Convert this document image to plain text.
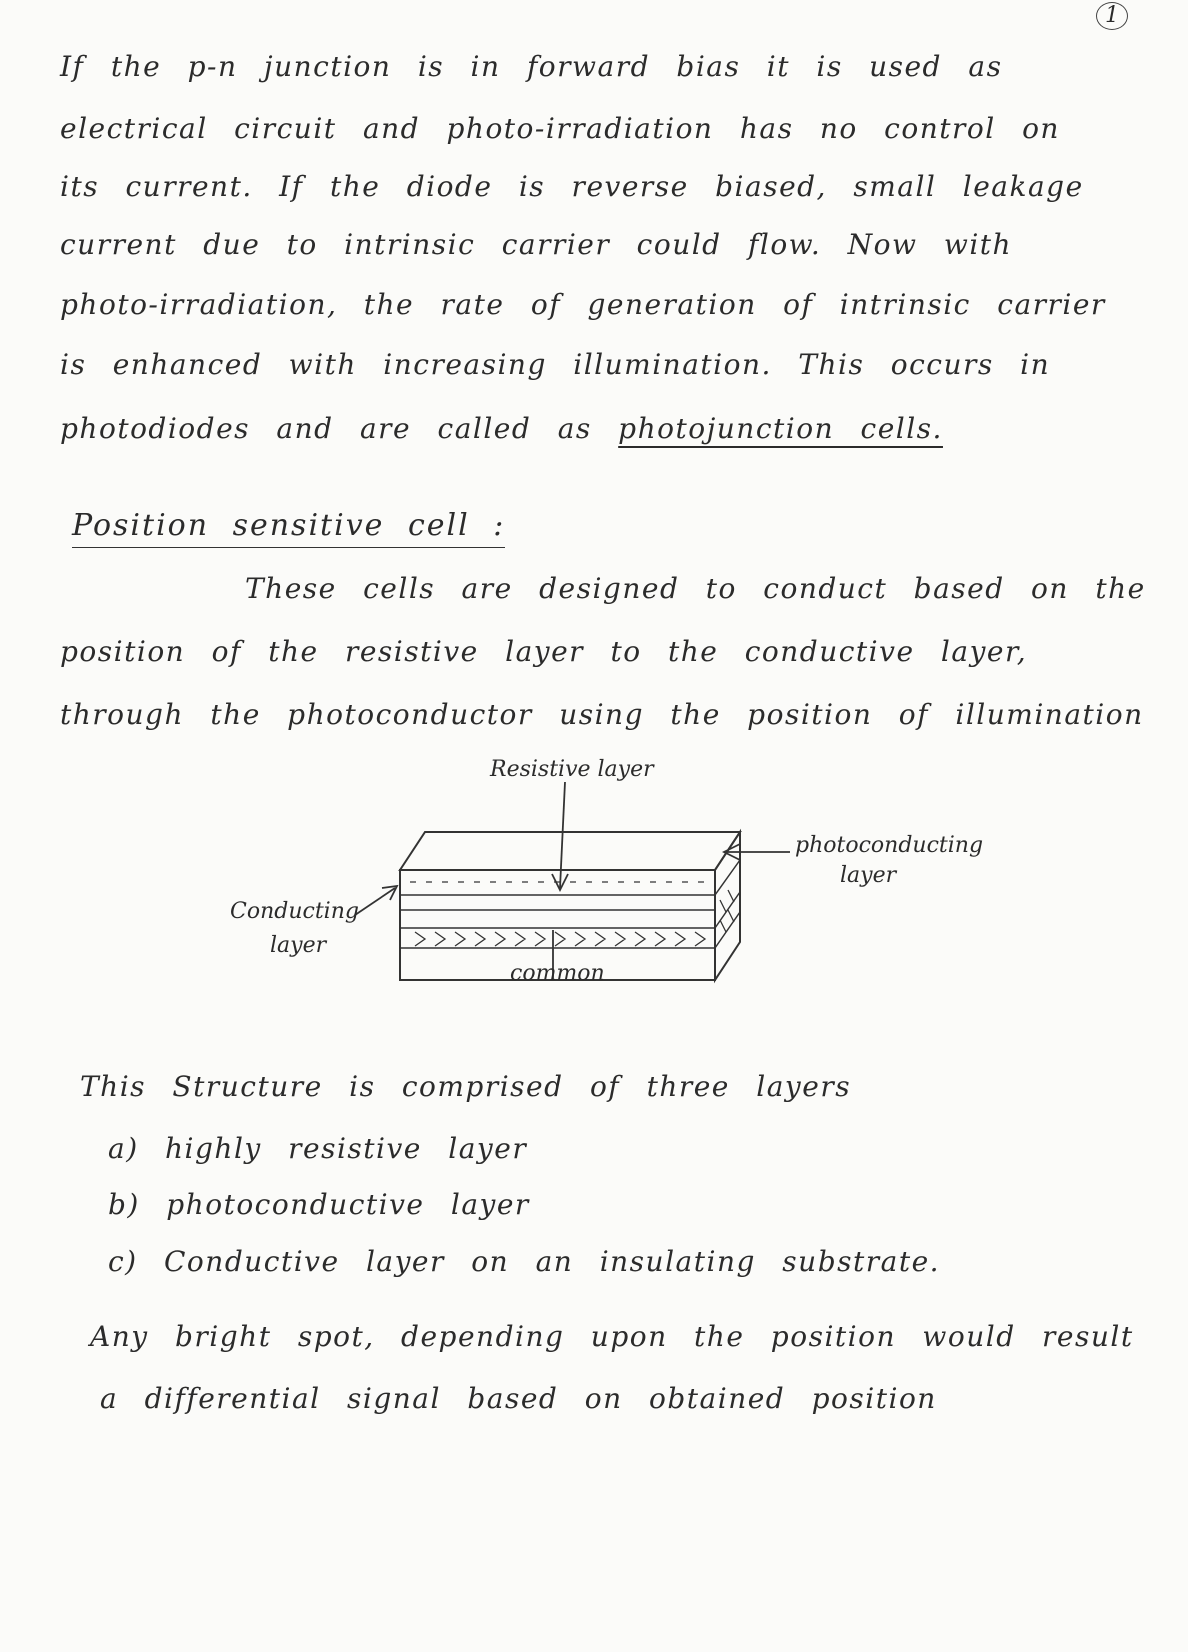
1
If the p-n junction is in forward bias it is used as
electrical circuit and photo-irradiation has no control on
its current. If the diode is reverse biased, small leakage
current due to intrinsic carrier could flow. Now with
photo-irradiation, the rate of generation of intrinsic carrier
is enhanced with increasing illumination. This occurs in
photodiodes and are called as photojunction cells.
Position sensitive cell :
These cells are designed to conduct based on the
position of the resistive layer to the conductive layer,
through the photoconductor using the position of illumination
Resistive layer
photoconducting
layer
Conducting
layer
common
This Structure is comprised of three layers
a) highly resistive layer
b) photoconductive layer
c) Conductive layer on an insulating substrate.
Any bright spot, depending upon the position would result
a differential signal based on obtained position
